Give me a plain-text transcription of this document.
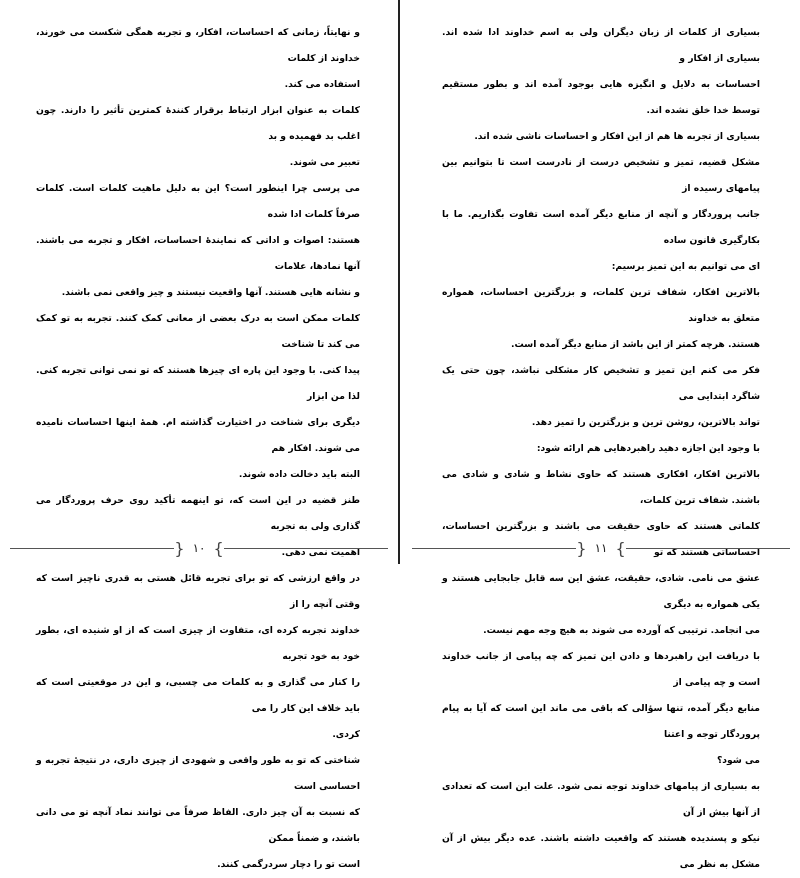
و نهایتاً، زمانی که احساسات، افکار، و تجربه همگی شکست می خورند، خداوند از کلمات

استفاده می کند.

کلمات به عنوان ابزار ارتباط برقرار کنندهٔ کمترین تأثیر را دارند. چون اغلب بد فهمیده و بد

تعبیر می شوند.

می پرسی چرا اینطور است؟ این به دلیل ماهیت کلمات است. کلمات صرفاً کلمات ادا شده

هستند: اصوات و اداتی که نمایندهٔ احساسات، افکار و تجربه می باشند. آنها نمادها، علامات

و نشانه هایی هستند. آنها واقعیت نیستند و چیز واقعی نمی باشند.

کلمات ممکن است به درک بعضی از معانی کمک کنند. تجربه به تو کمک می کند تا شناخت

پیدا کنی. با وجود این پاره ای چیزها هستند که تو نمی توانی تجربه کنی. لذا من ابزار

دیگری برای شناخت در اختیارت گذاشته ام. همهٔ اینها احساسات نامیده می شوند. افکار هم

البته باید دخالت داده شوند.

طنز قضیه در این است که، تو اینهمه تأکید روی حرف پروردگار می گذاری ولی به تجربه

اهمیت نمی دهی.

در واقع ارزشی که تو برای تجربه قائل هستی به قدری ناچیز است که وقتی آنچه را از

خداوند تجربه کرده ای، متفاوت از چیزی است که از او شنیده ای، بطور خود به خود تجربه

را کنار می گذاری و به کلمات می چسبی، و این در موقعیتی است که باید خلاف این کار را می

کردی.

شناختی که تو به طور واقعی و شهودی از چیزی داری، در نتیجهٔ تجربه و احساسی است

که نسبت به آن چیز داری. الفاظ صرفاً می توانند نماد آنچه تو می دانی باشند، و ضمناً ممکن

است تو را دچار سردرگمی کنند.

} ١٠ {

بسیاری از کلمات از زبان دیگران ولی به اسم خداوند ادا شده اند. بسیاری از افکار و

احساسات به دلایل و انگیزه هایی بوجود آمده اند و بطور مستقیم توسط خدا خلق نشده اند.

بسیاری از تجربه ها هم از این افکار و احساسات ناشی شده اند.

مشکل قضیه، تمیز و تشخیص درست از نادرست است تا بتوانیم بین پیامهای رسیده از

جانب پروردگار و آنچه از منابع دیگر آمده است تفاوت بگذاریم. ما با بکارگیری قانون ساده

ای می توانیم به این تمیز برسیم:

بالاترین افکار، شفاف ترین کلمات، و بزرگترین احساسات، همواره متعلق به خداوند

هستند. هرچه کمتر از این باشد از منابع دیگر آمده است.

فکر می کنم این تمیز و تشخیص کار مشکلی نباشد، چون حتی یک شاگرد ابتدایی می

تواند بالاترین، روشن ترین و بزرگترین را تمیز دهد.

با وجود این اجازه دهید راهبردهایی هم ارائه شود:

بالاترین افکار، افکاری هستند که حاوی نشاط و شادی و شادی می باشند. شفاف ترین کلمات،

کلماتی هستند که حاوی حقیقت می باشند و بزرگترین احساسات، احساساتی هستند که تو

عشق می نامی. شادی، حقیقت، عشق این سه قابل جابجایی هستند و یکی همواره به دیگری

می انجامد. ترتیبی که آورده می شوند به هیچ وجه مهم نیست.

با دریافت این راهبردها و دادن این تمیز که چه پیامی از جانب خداوند است و چه پیامی از

منابع دیگر آمده، تنها سؤالی که باقی می ماند این است که آیا به پیام پروردگار توجه و اعتنا

می شود؟

به بسیاری از پیامهای خداوند توجه نمی شود. علت این است که تعدادی از آنها بیش از آن

نیکو و پسندیده هستند که واقعیت داشته باشند. عده دیگر بیش از آن مشکل به نظر می

} ١١ {
